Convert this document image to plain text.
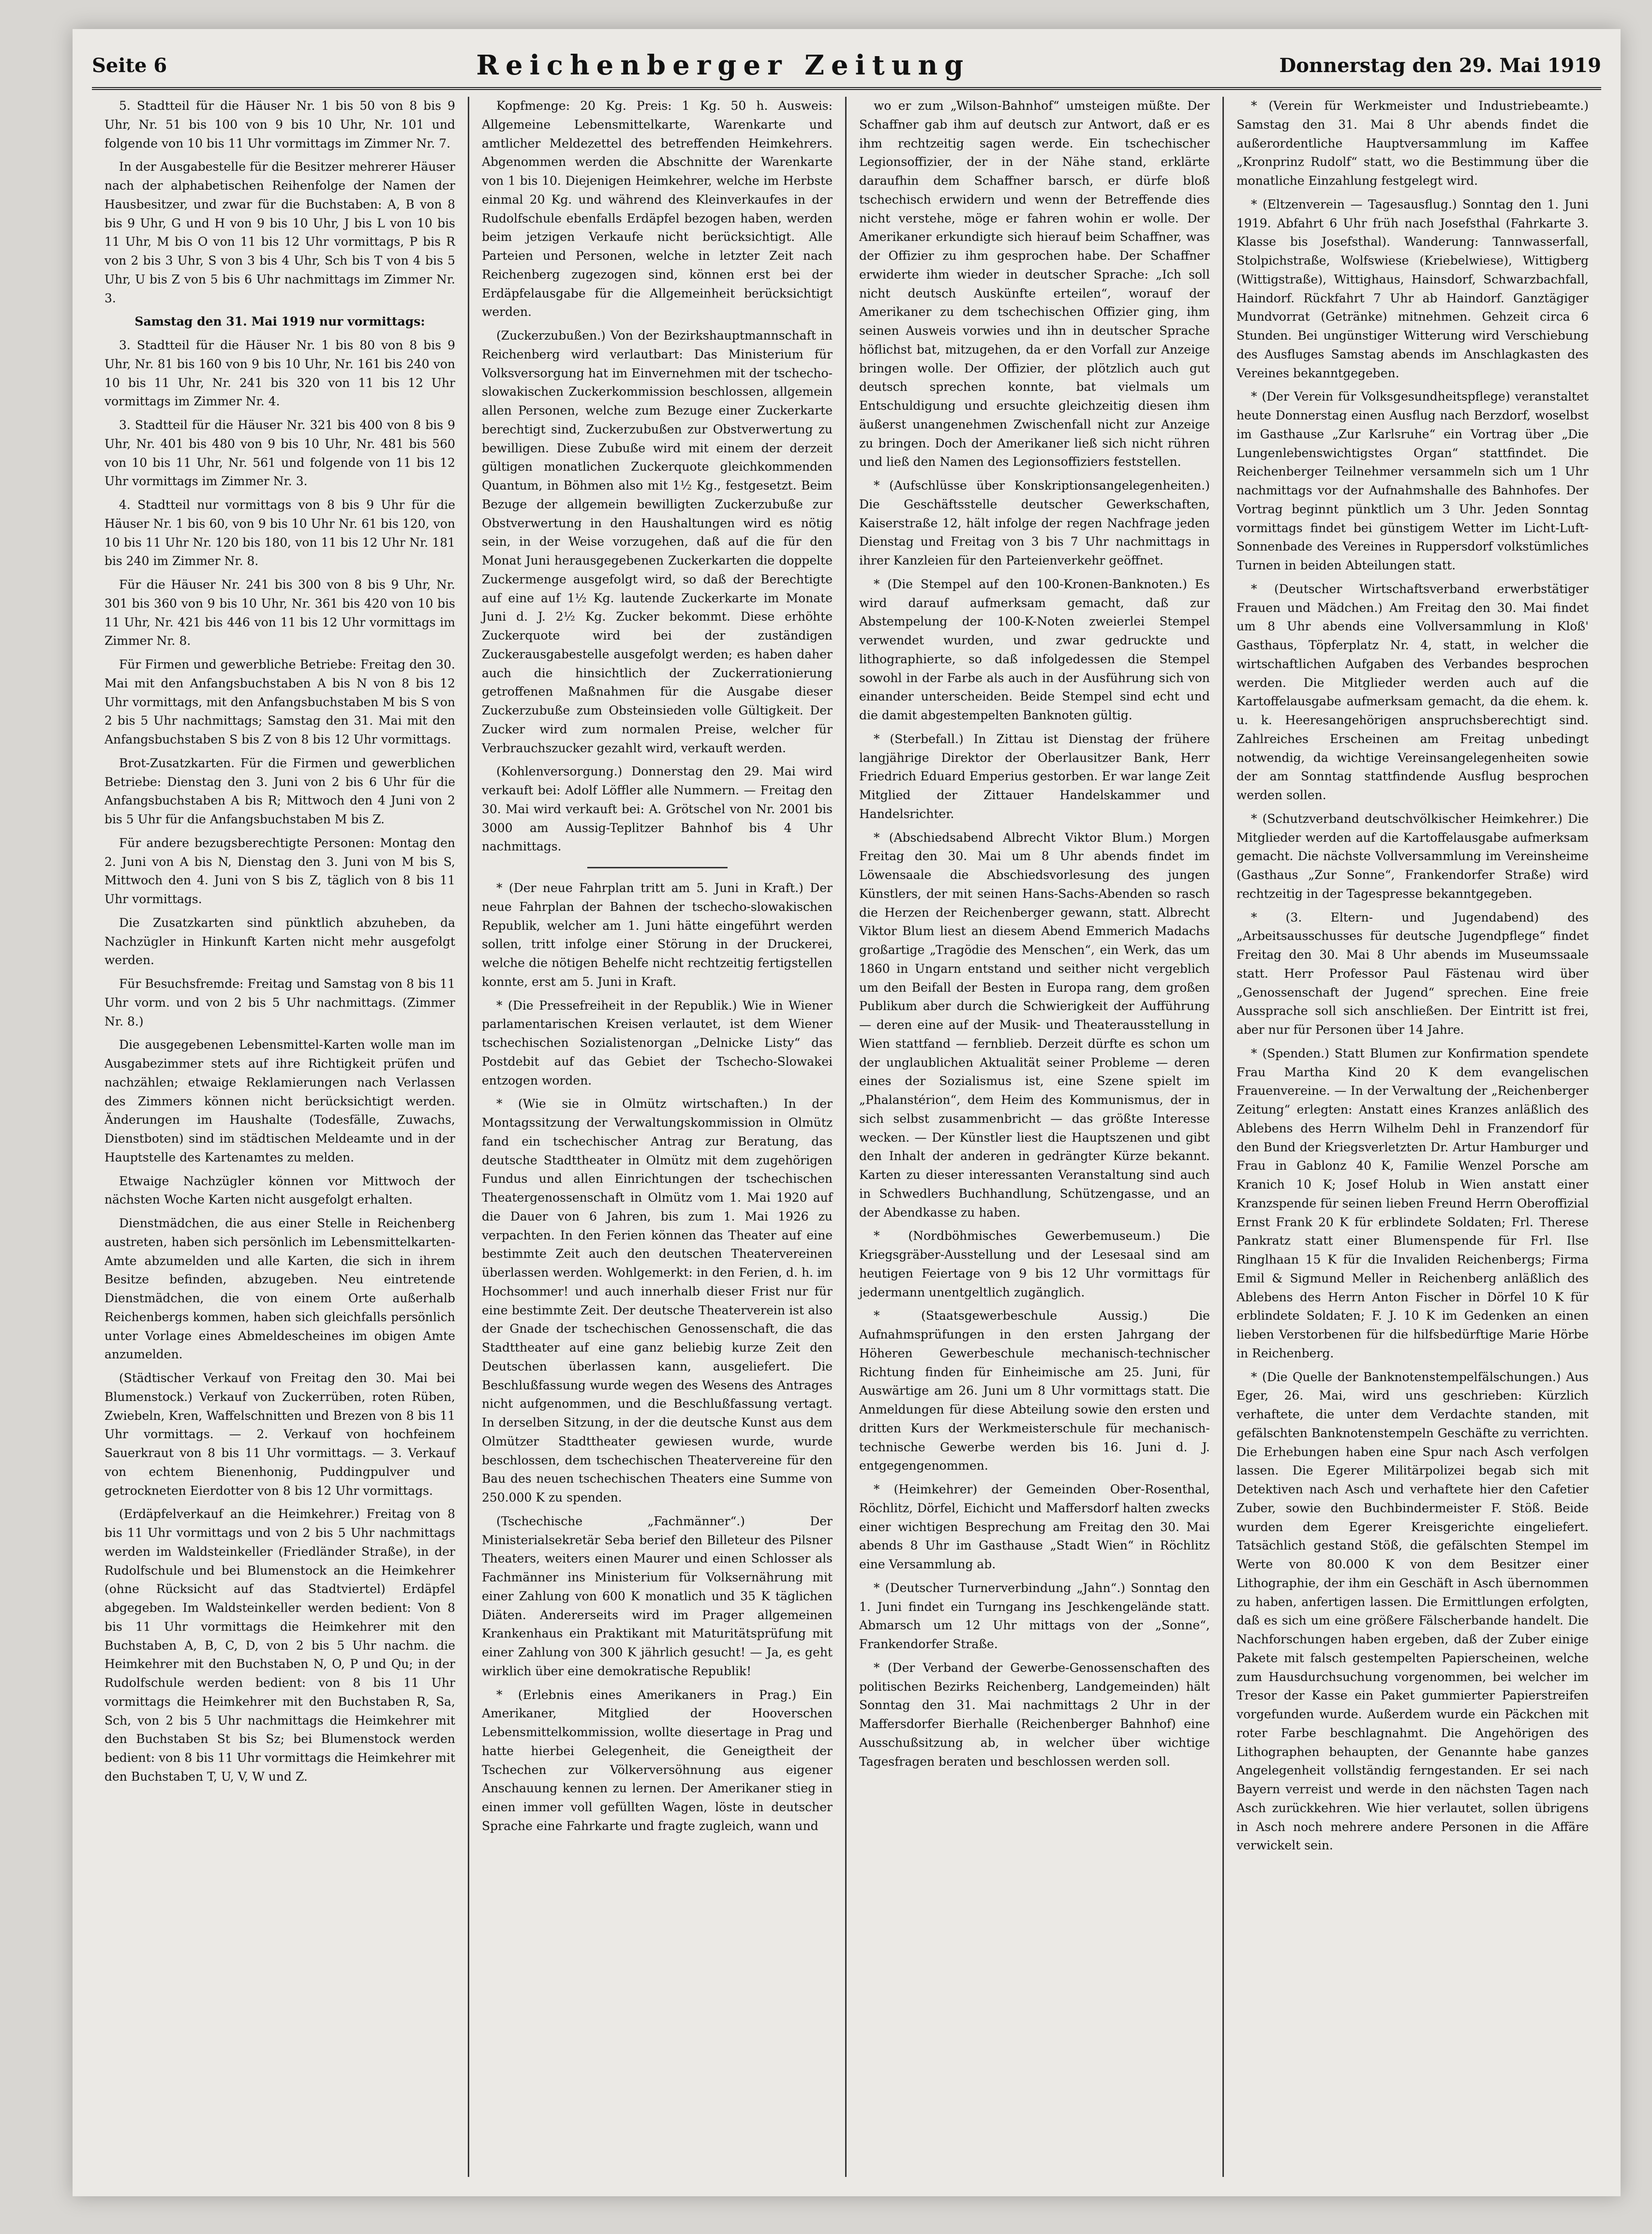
Seite 6	Reichenberger Zeitung	Donnerstag den 29. Mai 1919

5. Stadtteil für die Häuser Nr. 1 bis 50 von 8 bis 9 Uhr, Nr. 51 bis 100 von 9 bis 10 Uhr, Nr. 101 und folgende von 10 bis 11 Uhr vormittags im Zimmer Nr. 7.

In der Ausgabestelle für die Besitzer mehrerer Häuser nach der alphabetischen Reihenfolge der Namen der Hausbesitzer, und zwar für die Buchstaben: A, B von 8 bis 9 Uhr, G und H von 9 bis 10 Uhr, J bis L von 10 bis 11 Uhr, M bis O von 11 bis 12 Uhr vormittags, P bis R von 2 bis 3 Uhr, S von 3 bis 4 Uhr, Sch bis T von 4 bis 5 Uhr, U bis Z von 5 bis 6 Uhr nachmittags im Zimmer Nr. 3.

Samstag den 31. Mai 1919 nur vormittags:

3. Stadtteil für die Häuser Nr. 1 bis 80 von 8 bis 9 Uhr, Nr. 81 bis 160 von 9 bis 10 Uhr, Nr. 161 bis 240 von 10 bis 11 Uhr, Nr. 241 bis 320 von 11 bis 12 Uhr vormittags im Zimmer Nr. 4.

3. Stadtteil für die Häuser Nr. 321 bis 400 von 8 bis 9 Uhr, Nr. 401 bis 480 von 9 bis 10 Uhr, Nr. 481 bis 560 von 10 bis 11 Uhr, Nr. 561 und folgende von 11 bis 12 Uhr vormittags im Zimmer Nr. 3.

4. Stadtteil nur vormittags von 8 bis 9 Uhr für die Häuser Nr. 1 bis 60, von 9 bis 10 Uhr Nr. 61 bis 120, von 10 bis 11 Uhr Nr. 120 bis 180, von 11 bis 12 Uhr Nr. 181 bis 240 im Zimmer Nr. 8.

Für die Häuser Nr. 241 bis 300 von 8 bis 9 Uhr, Nr. 301 bis 360 von 9 bis 10 Uhr, Nr. 361 bis 420 von 10 bis 11 Uhr, Nr. 421 bis 446 von 11 bis 12 Uhr vormittags im Zimmer Nr. 8.

Für Firmen und gewerbliche Betriebe: Freitag den 30. Mai mit den Anfangsbuchstaben A bis N von 8 bis 12 Uhr vormittags, mit den Anfangsbuchstaben M bis S von 2 bis 5 Uhr nachmittags; Samstag den 31. Mai mit den Anfangsbuchstaben S bis Z von 8 bis 12 Uhr vormittags.

Brot-Zusatzkarten. Für die Firmen und gewerblichen Betriebe: Dienstag den 3. Juni von 2 bis 6 Uhr für die Anfangsbuchstaben A bis R; Mittwoch den 4 Juni von 2 bis 5 Uhr für die Anfangsbuchstaben M bis Z.

Für andere bezugsberechtigte Personen: Montag den 2. Juni von A bis N, Dienstag den 3. Juni von M bis S, Mittwoch den 4. Juni von S bis Z, täglich von 8 bis 11 Uhr vormittags.

Die Zusatzkarten sind pünktlich abzuheben, da Nachzügler in Hinkunft Karten nicht mehr ausgefolgt werden.

Für Besuchsfremde: Freitag und Samstag von 8 bis 11 Uhr vorm. und von 2 bis 5 Uhr nachmittags. (Zimmer Nr. 8.)

Die ausgegebenen Lebensmittel-Karten wolle man im Ausgabezimmer stets auf ihre Richtigkeit prüfen und nachzählen; etwaige Reklamierungen nach Verlassen des Zimmers können nicht berücksichtigt werden. Änderungen im Haushalte (Todesfälle, Zuwachs, Dienstboten) sind im städtischen Meldeamte und in der Hauptstelle des Kartenamtes zu melden.

Etwaige Nachzügler können vor Mittwoch der nächsten Woche Karten nicht ausgefolgt erhalten.

Dienstmädchen, die aus einer Stelle in Reichenberg austreten, haben sich persönlich im Lebensmittelkarten-Amte abzumelden und alle Karten, die sich in ihrem Besitze befinden, abzugeben. Neu eintretende Dienstmädchen, die von einem Orte außerhalb Reichenbergs kommen, haben sich gleichfalls persönlich unter Vorlage eines Abmeldescheines im obigen Amte anzumelden.

(Städtischer Verkauf von Freitag den 30. Mai bei Blumenstock.) Verkauf von Zuckerrüben, roten Rüben, Zwiebeln, Kren, Waffelschnitten und Brezen von 8 bis 11 Uhr vormittags. — 2. Verkauf von hochfeinem Sauerkraut von 8 bis 11 Uhr vormittags. — 3. Verkauf von echtem Bienenhonig, Puddingpulver und getrockneten Eierdotter von 8 bis 12 Uhr vormittags.

(Erdäpfelverkauf an die Heimkehrer.) Freitag von 8 bis 11 Uhr vormittags und von 2 bis 5 Uhr nachmittags werden im Waldsteinkeller (Friedländer Straße), in der Rudolfschule und bei Blumenstock an die Heimkehrer (ohne Rücksicht auf das Stadtviertel) Erdäpfel abgegeben. Im Waldsteinkeller werden bedient: Von 8 bis 11 Uhr vormittags die Heimkehrer mit den Buchstaben A, B, C, D, von 2 bis 5 Uhr nachm. die Heimkehrer mit den Buchstaben N, O, P und Qu; in der Rudolfschule werden bedient: von 8 bis 11 Uhr vormittags die Heimkehrer mit den Buchstaben R, Sa, Sch, von 2 bis 5 Uhr nachmittags die Heimkehrer mit den Buchstaben St bis Sz; bei Blumenstock werden bedient: von 8 bis 11 Uhr vormittags die Heimkehrer mit den Buchstaben T, U, V, W und Z.

Kopfmenge: 20 Kg. Preis: 1 Kg. 50 h. Ausweis: Allgemeine Lebensmittelkarte, Warenkarte und amtlicher Meldezettel des betreffenden Heimkehrers. Abgenommen werden die Abschnitte der Warenkarte von 1 bis 10. Diejenigen Heimkehrer, welche im Herbste einmal 20 Kg. und während des Kleinverkaufes in der Rudolfschule ebenfalls Erdäpfel bezogen haben, werden beim jetzigen Verkaufe nicht berücksichtigt. Alle Parteien und Personen, welche in letzter Zeit nach Reichenberg zugezogen sind, können erst bei der Erdäpfelausgabe für die Allgemeinheit berücksichtigt werden.

(Zuckerzubußen.) Von der Bezirkshauptmannschaft in Reichenberg wird verlautbart: Das Ministerium für Volksversorgung hat im Einvernehmen mit der tschecho-slowakischen Zuckerkommission beschlossen, allgemein allen Personen, welche zum Bezuge einer Zuckerkarte berechtigt sind, Zuckerzubußen zur Obstverwertung zu bewilligen. Diese Zubuße wird mit einem der derzeit gültigen monatlichen Zuckerquote gleichkommenden Quantum, in Böhmen also mit 1½ Kg., festgesetzt. Beim Bezuge der allgemein bewilligten Zuckerzubuße zur Obstverwertung in den Haushaltungen wird es nötig sein, in der Weise vorzugehen, daß auf die für den Monat Juni herausgegebenen Zuckerkarten die doppelte Zuckermenge ausgefolgt wird, so daß der Berechtigte auf eine auf 1½ Kg. lautende Zuckerkarte im Monate Juni d. J. 2½ Kg. Zucker bekommt. Diese erhöhte Zuckerquote wird bei der zuständigen Zuckerausgabestelle ausgefolgt werden; es haben daher auch die hinsichtlich der Zuckerrationierung getroffenen Maßnahmen für die Ausgabe dieser Zuckerzubuße zum Obsteinsieden volle Gültigkeit. Der Zucker wird zum normalen Preise, welcher für Verbrauchszucker gezahlt wird, verkauft werden.

(Kohlenversorgung.) Donnerstag den 29. Mai wird verkauft bei: Adolf Löffler alle Nummern. — Freitag den 30. Mai wird verkauft bei: A. Grötschel von Nr. 2001 bis 3000 am Aussig-Teplitzer Bahnhof bis 4 Uhr nachmittags.

* (Der neue Fahrplan tritt am 5. Juni in Kraft.) Der neue Fahrplan der Bahnen der tschecho-slowakischen Republik, welcher am 1. Juni hätte eingeführt werden sollen, tritt infolge einer Störung in der Druckerei, welche die nötigen Behelfe nicht rechtzeitig fertigstellen konnte, erst am 5. Juni in Kraft.

* (Die Pressefreiheit in der Republik.) Wie in Wiener parlamentarischen Kreisen verlautet, ist dem Wiener tschechischen Sozialistenorgan „Delnicke Listy“ das Postdebit auf das Gebiet der Tschecho-Slowakei entzogen worden.

* (Wie sie in Olmütz wirtschaften.) In der Montagssitzung der Verwaltungskommission in Olmütz fand ein tschechischer Antrag zur Beratung, das deutsche Stadttheater in Olmütz mit dem zugehörigen Fundus und allen Einrichtungen der tschechischen Theatergenossenschaft in Olmütz vom 1. Mai 1920 auf die Dauer von 6 Jahren, bis zum 1. Mai 1926 zu verpachten. In den Ferien können das Theater auf eine bestimmte Zeit auch den deutschen Theatervereinen überlassen werden. Wohlgemerkt: in den Ferien, d. h. im Hochsommer! und auch innerhalb dieser Frist nur für eine bestimmte Zeit. Der deutsche Theaterverein ist also der Gnade der tschechischen Genossenschaft, die das Stadttheater auf eine ganz beliebig kurze Zeit den Deutschen überlassen kann, ausgeliefert. Die Beschlußfassung wurde wegen des Wesens des Antrages nicht aufgenommen, und die Beschlußfassung vertagt. In derselben Sitzung, in der die deutsche Kunst aus dem Olmützer Stadttheater gewiesen wurde, wurde beschlossen, dem tschechischen Theatervereine für den Bau des neuen tschechischen Theaters eine Summe von 250.000 K zu spenden.

(Tschechische „Fachmänner“.) Der Ministerialsekretär Seba berief den Billeteur des Pilsner Theaters, weiters einen Maurer und einen Schlosser als Fachmänner ins Ministerium für Volksernährung mit einer Zahlung von 600 K monatlich und 35 K täglichen Diäten. Andererseits wird im Prager allgemeinen Krankenhaus ein Praktikant mit Maturitätsprüfung mit einer Zahlung von 300 K jährlich gesucht! — Ja, es geht wirklich über eine demokratische Republik!

* (Erlebnis eines Amerikaners in Prag.) Ein Amerikaner, Mitglied der Hooverschen Lebensmittelkommission, wollte diesertage in Prag und hatte hierbei Gelegenheit, die Geneigtheit der Tschechen zur Völkerversöhnung aus eigener Anschauung kennen zu lernen. Der Amerikaner stieg in einen immer voll gefüllten Wagen, löste in deutscher Sprache eine Fahrkarte und fragte zugleich, wann und

wo er zum „Wilson-Bahnhof“ umsteigen müßte. Der Schaffner gab ihm auf deutsch zur Antwort, daß er es ihm rechtzeitig sagen werde. Ein tschechischer Legionsoffizier, der in der Nähe stand, erklärte daraufhin dem Schaffner barsch, er dürfe bloß tschechisch erwidern und wenn der Betreffende dies nicht verstehe, möge er fahren wohin er wolle. Der Amerikaner erkundigte sich hierauf beim Schaffner, was der Offizier zu ihm gesprochen habe. Der Schaffner erwiderte ihm wieder in deutscher Sprache: „Ich soll nicht deutsch Auskünfte erteilen“, worauf der Amerikaner zu dem tschechischen Offizier ging, ihm seinen Ausweis vorwies und ihn in deutscher Sprache höflichst bat, mitzugehen, da er den Vorfall zur Anzeige bringen wolle. Der Offizier, der plötzlich auch gut deutsch sprechen konnte, bat vielmals um Entschuldigung und ersuchte gleichzeitig diesen ihm äußerst unangenehmen Zwischenfall nicht zur Anzeige zu bringen. Doch der Amerikaner ließ sich nicht rühren und ließ den Namen des Legionsoffiziers feststellen.

* (Aufschlüsse über Konskriptionsangelegenheiten.) Die Geschäftsstelle deutscher Gewerkschaften, Kaiserstraße 12, hält infolge der regen Nachfrage jeden Dienstag und Freitag von 3 bis 7 Uhr nachmittags in ihrer Kanzleien für den Parteienverkehr geöffnet.

* (Die Stempel auf den 100-Kronen-Banknoten.) Es wird darauf aufmerksam gemacht, daß zur Abstempelung der 100-K-Noten zweierlei Stempel verwendet wurden, und zwar gedruckte und lithographierte, so daß infolgedessen die Stempel sowohl in der Farbe als auch in der Ausführung sich von einander unterscheiden. Beide Stempel sind echt und die damit abgestempelten Banknoten gültig.

* (Sterbefall.) In Zittau ist Dienstag der frühere langjährige Direktor der Oberlausitzer Bank, Herr Friedrich Eduard Emperius gestorben. Er war lange Zeit Mitglied der Zittauer Handelskammer und Handelsrichter.

* (Abschiedsabend Albrecht Viktor Blum.) Morgen Freitag den 30. Mai um 8 Uhr abends findet im Löwensaale die Abschiedsvorlesung des jungen Künstlers, der mit seinen Hans-Sachs-Abenden so rasch die Herzen der Reichenberger gewann, statt. Albrecht Viktor Blum liest an diesem Abend Emmerich Madachs großartige „Tragödie des Menschen“, ein Werk, das um 1860 in Ungarn entstand und seither nicht vergeblich um den Beifall der Besten in Europa rang, dem großen Publikum aber durch die Schwierigkeit der Aufführung — deren eine auf der Musik- und Theaterausstellung in Wien stattfand — fernblieb. Derzeit dürfte es schon um der unglaublichen Aktualität seiner Probleme — deren eines der Sozialismus ist, eine Szene spielt im „Phalanstérion“, dem Heim des Kommunismus, der in sich selbst zusammenbricht — das größte Interesse wecken. — Der Künstler liest die Hauptszenen und gibt den Inhalt der anderen in gedrängter Kürze bekannt. Karten zu dieser interessanten Veranstaltung sind auch in Schwedlers Buchhandlung, Schützengasse, und an der Abendkasse zu haben.

* (Nordböhmisches Gewerbemuseum.) Die Kriegsgräber-Ausstellung und der Lesesaal sind am heutigen Feiertage von 9 bis 12 Uhr vormittags für jedermann unentgeltlich zugänglich.

* (Staatsgewerbeschule Aussig.) Die Aufnahmsprüfungen in den ersten Jahrgang der Höheren Gewerbeschule mechanisch-technischer Richtung finden für Einheimische am 25. Juni, für Auswärtige am 26. Juni um 8 Uhr vormittags statt. Die Anmeldungen für diese Abteilung sowie den ersten und dritten Kurs der Werkmeisterschule für mechanisch-technische Gewerbe werden bis 16. Juni d. J. entgegengenommen.

* (Heimkehrer) der Gemeinden Ober-Rosenthal, Röchlitz, Dörfel, Eichicht und Maffersdorf halten zwecks einer wichtigen Besprechung am Freitag den 30. Mai abends 8 Uhr im Gasthause „Stadt Wien“ in Röchlitz eine Versammlung ab.

* (Deutscher Turnerverbindung „Jahn“.) Sonntag den 1. Juni findet ein Turngang ins Jeschkengelände statt. Abmarsch um 12 Uhr mittags von der „Sonne“, Frankendorfer Straße.

* (Der Verband der Gewerbe-Genossenschaften des politischen Bezirks Reichenberg, Landgemeinden) hält Sonntag den 31. Mai nachmittags 2 Uhr in der Maffersdorfer Bierhalle (Reichenberger Bahnhof) eine Ausschußsitzung ab, in welcher über wichtige Tagesfragen beraten und beschlossen werden soll.

* (Verein für Werkmeister und Industriebeamte.) Samstag den 31. Mai 8 Uhr abends findet die außerordentliche Hauptversammlung im Kaffee „Kronprinz Rudolf“ statt, wo die Bestimmung über die monatliche Einzahlung festgelegt wird.

* (Eltzenverein — Tagesausflug.) Sonntag den 1. Juni 1919. Abfahrt 6 Uhr früh nach Josefsthal (Fahrkarte 3. Klasse bis Josefsthal). Wanderung: Tannwasserfall, Stolpichstraße, Wolfswiese (Kriebelwiese), Wittigberg (Wittigstraße), Wittighaus, Hainsdorf, Schwarzbachfall, Haindorf. Rückfahrt 7 Uhr ab Haindorf. Ganztägiger Mundvorrat (Getränke) mitnehmen. Gehzeit circa 6 Stunden. Bei ungünstiger Witterung wird Verschiebung des Ausfluges Samstag abends im Anschlagkasten des Vereines bekanntgegeben.

* (Der Verein für Volksgesundheitspflege) veranstaltet heute Donnerstag einen Ausflug nach Berzdorf, woselbst im Gasthause „Zur Karlsruhe“ ein Vortrag über „Die Lungenlebenswichtigstes Organ“ stattfindet. Die Reichenberger Teilnehmer versammeln sich um 1 Uhr nachmittags vor der Aufnahmshalle des Bahnhofes. Der Vortrag beginnt pünktlich um 3 Uhr. Jeden Sonntag vormittags findet bei günstigem Wetter im Licht-Luft-Sonnenbade des Vereines in Ruppersdorf volkstümliches Turnen in beiden Abteilungen statt.

* (Deutscher Wirtschaftsverband erwerbstätiger Frauen und Mädchen.) Am Freitag den 30. Mai findet um 8 Uhr abends eine Vollversammlung in Kloß' Gasthaus, Töpferplatz Nr. 4, statt, in welcher die wirtschaftlichen Aufgaben des Verbandes besprochen werden. Die Mitglieder werden auch auf die Kartoffelausgabe aufmerksam gemacht, da die ehem. k. u. k. Heeresangehörigen anspruchsberechtigt sind. Zahlreiches Erscheinen am Freitag unbedingt notwendig, da wichtige Vereinsangelegenheiten sowie der am Sonntag stattfindende Ausflug besprochen werden sollen.

* (Schutzverband deutschvölkischer Heimkehrer.) Die Mitglieder werden auf die Kartoffelausgabe aufmerksam gemacht. Die nächste Vollversammlung im Vereinsheime (Gasthaus „Zur Sonne“, Frankendorfer Straße) wird rechtzeitig in der Tagespresse bekanntgegeben.

* (3. Eltern- und Jugendabend) des „Arbeitsausschusses für deutsche Jugendpflege“ findet Freitag den 30. Mai 8 Uhr abends im Museumssaale statt. Herr Professor Paul Fästenau wird über „Genossenschaft der Jugend“ sprechen. Eine freie Aussprache soll sich anschließen. Der Eintritt ist frei, aber nur für Personen über 14 Jahre.

* (Spenden.) Statt Blumen zur Konfirmation spendete Frau Martha Kind 20 K dem evangelischen Frauenvereine. — In der Verwaltung der „Reichenberger Zeitung“ erlegten: Anstatt eines Kranzes anläßlich des Ablebens des Herrn Wilhelm Dehl in Franzendorf für den Bund der Kriegsverletzten Dr. Artur Hamburger und Frau in Gablonz 40 K, Familie Wenzel Porsche am Kranich 10 K; Josef Holub in Wien anstatt einer Kranzspende für seinen lieben Freund Herrn Oberoffizial Ernst Frank 20 K für erblindete Soldaten; Frl. Therese Pankratz statt einer Blumenspende für Frl. Ilse Ringlhaan 15 K für die Invaliden Reichenbergs; Firma Emil & Sigmund Meller in Reichenberg anläßlich des Ablebens des Herrn Anton Fischer in Dörfel 10 K für erblindete Soldaten; F. J. 10 K im Gedenken an einen lieben Verstorbenen für die hilfsbedürftige Marie Hörbe in Reichenberg.

* (Die Quelle der Banknotenstempelfälschungen.) Aus Eger, 26. Mai, wird uns geschrieben: Kürzlich verhaftete, die unter dem Verdachte standen, mit gefälschten Banknotenstempeln Geschäfte zu verrichten. Die Erhebungen haben eine Spur nach Asch verfolgen lassen. Die Egerer Militärpolizei begab sich mit Detektiven nach Asch und verhaftete hier den Cafetier Zuber, sowie den Buchbindermeister F. Stöß. Beide wurden dem Egerer Kreisgerichte eingeliefert. Tatsächlich gestand Stöß, die gefälschten Stempel im Werte von 80.000 K von dem Besitzer einer Lithographie, der ihm ein Geschäft in Asch übernommen zu haben, anfertigen lassen. Die Ermittlungen erfolgten, daß es sich um eine größere Fälscherbande handelt. Die Nachforschungen haben ergeben, daß der Zuber einige Pakete mit falsch gestempelten Papierscheinen, welche zum Hausdurchsuchung vorgenommen, bei welcher im Tresor der Kasse ein Paket gummierter Papierstreifen vorgefunden wurde. Außerdem wurde ein Päckchen mit roter Farbe beschlagnahmt. Die Angehörigen des Lithographen behaupten, der Genannte habe ganzes Angelegenheit vollständig ferngestanden. Er sei nach Bayern verreist und werde in den nächsten Tagen nach Asch zurückkehren. Wie hier verlautet, sollen übrigens in Asch noch mehrere andere Personen in die Affäre verwickelt sein.
